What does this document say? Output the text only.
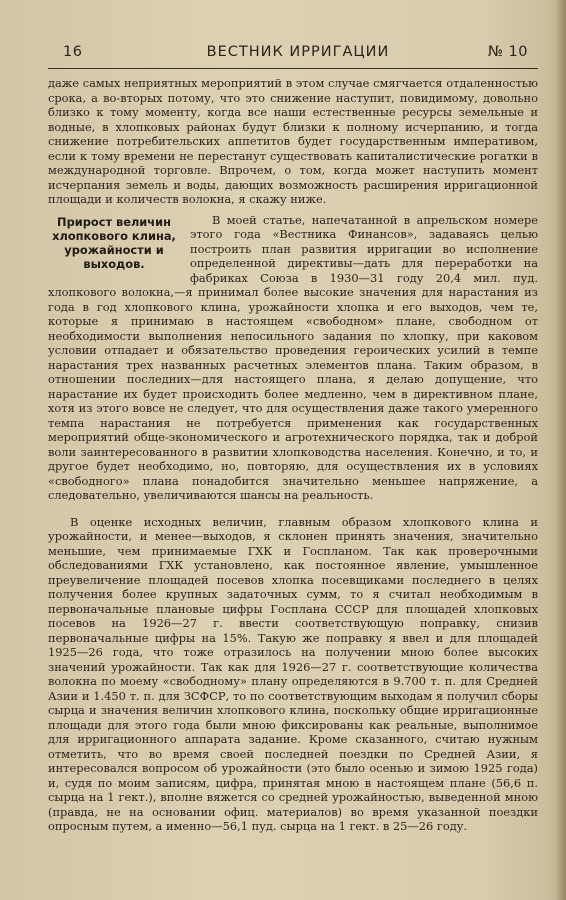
16	ВЕСТНИК ИРРИГАЦИИ	№ 10

даже самых неприятных мероприятий в этом случае смягчается отдаленностью срока, а во-вторых потому, что это снижение наступит, повидимому, довольно близко к тому моменту, когда все наши естественные ресурсы земельные и водные, в хлопковых районах будут близки к полному исчерпанию, и тогда снижение потребительских аппетитов будет государственным императивом, если к тому времени не перестанут существовать капиталистические рогатки в международной торговле. Впрочем, о том, когда может наступить момент исчерпания земель и воды, дающих возможность расширения ирригационной площади и количеств волокна, я скажу ниже.

Прирост величин хлопкового клина, урожайности и выходов.

В моей статье, напечатанной в апрельском номере этого года «Вестника Финансов», задаваясь целью построить план развития ирригации во исполнение определенной директивы—дать для переработки на фабриках Союза в 1930—31 году 20,4 мил. пуд. хлопкового волокна,—я принимал более высокие значения для нарастания из года в год хлопкового клина, урожайности хлопка и его выходов, чем те, которые я принимаю в настоящем «свободном» плане, свободном от необходимости выполнения непосильного задания по хлопку, при каковом условии отпадает и обязательство проведения героических усилий в темпе нарастания трех названных расчетных элементов плана. Таким образом, в отношении последних—для настоящего плана, я делаю допущение, что нарастание их будет происходить более медленно, чем в директивном плане, хотя из этого вовсе не следует, что для осуществления даже такого умеренного темпа нарастания не потребуется применения как государственных мероприятий обще-экономического и агротехнического порядка, так и доброй воли заинтересованного в развитии хлопководства населения. Конечно, и то, и другое будет необходимо, но, повторяю, для осуществления их в условиях «свободного» плана понадобится значительно меньшее напряжение, а следовательно, увеличиваются шансы на реальность.

В оценке исходных величин, главным образом хлопкового клина и урожайности, и менее—выходов, я склонен принять значения, значительно меньшие, чем принимаемые ГХК и Госпланом. Так как проверочными обследованиями ГХК установлено, как постоянное явление, умышленное преувеличение площадей посевов хлопка посевщиками последнего в целях получения более крупных задаточных сумм, то я считал необходимым в первоначальные плановые цифры Госплана СССР для площадей хлопковых посевов на 1926—27 г. ввести соответствующую поправку, снизив первоначальные цифры на 15%. Такую же поправку я ввел и для площадей 1925—26 года, что тоже отразилось на получении мною более высоких значений урожайности. Так как для 1926—27 г. соответствующие количества волокна по моему «свободному» плану определяются в 9.700 т. п. для Средней Азии и 1.450 т. п. для ЗСФСР, то по соответствующим выходам я получил сборы сырца и значения величин хлопкового клина, поскольку общие ирригационные площади для этого года были мною фиксированы как реальные, выполнимое для ирригационного аппарата задание. Кроме сказанного, считаю нужным отметить, что во время своей последней поездки по Средней Азии, я интересовался вопросом об урожайности (это было осенью и зимою 1925 года) и, судя по моим записям, цифра, принятая мною в настоящем плане (56,6 п. сырца на 1 гект.), вполне вяжется со средней урожайностью, выведенной мною (правда, не на основании офиц. материалов) во время указанной поездки опросным путем, а именно—56,1 пуд. сырца на 1 гект. в 25—26 году.
